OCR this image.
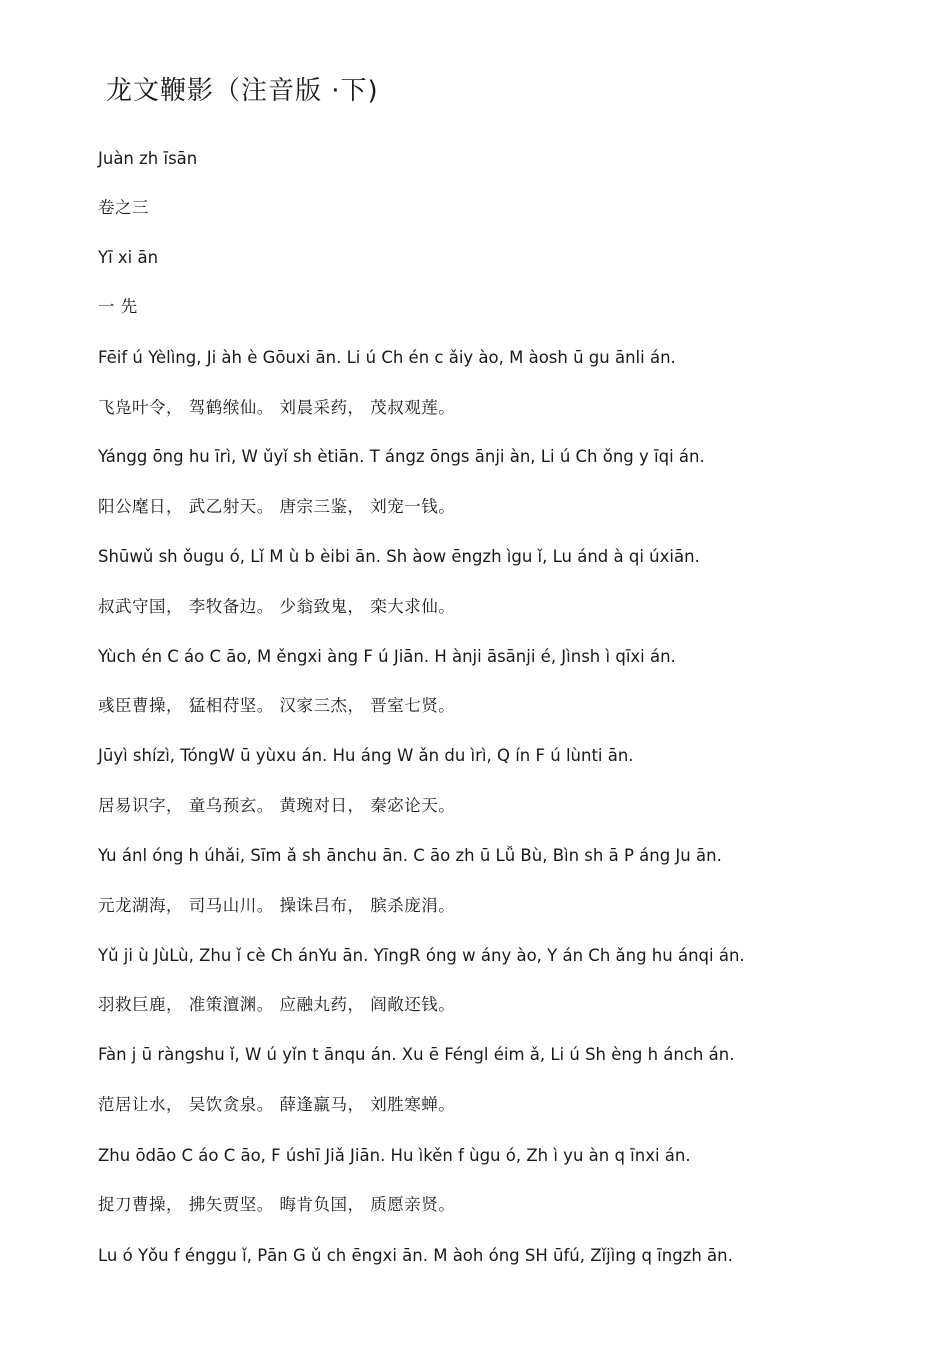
龙文鞭影（注音版 ·下)
Juàn zh īsān
卷之三
Yī xi ān
一 先
Fēif ú Yèlìng, Ji àh è Gōuxi ān. Li ú Ch én c ǎiy ào, M àosh ū gu ānli án.
飞凫叶令， 驾鹤缑仙。 刘晨采药， 茂叔观莲。
Yángg ōng hu īrì, W ǔyǐ sh ètiān. T ángz ōngs ānji àn, Li ú Ch ǒng y īqi án.
阳公麾日， 武乙射天。 唐宗三鉴， 刘宠一钱。
Shūwǔ sh ǒugu ó, Lǐ M ù b èibi ān. Sh àow ēngzh ìgu ǐ, Lu ánd à qi úxiān.
叔武守国， 李牧备边。 少翁致鬼， 栾大求仙。
Yùch én C áo C āo, M ěngxi àng F ú Jiān. H ànji āsānji é, Jìnsh ì qīxi án.
彧臣曹操， 猛相苻坚。 汉家三杰， 晋室七贤。
Jūyì shízì, TóngW ū yùxu án. Hu áng W ǎn du ìrì, Q ín F ú lùnti ān.
居易识字， 童乌预玄。 黄琬对日， 秦宓论天。
Yu ánl óng h úhǎi, Sīm ǎ sh ānchu ān. C āo zh ū Lǚ Bù, Bìn sh ā P áng Ju ān.
元龙湖海， 司马山川。 操诛吕布， 膑杀庞涓。
Yǔ ji ù JùLù, Zhu ǐ cè Ch ánYu ān. YīngR óng w ány ào, Y án Ch ǎng hu ánqi án.
羽救巨鹿， 准策澶渊。 应融丸药， 阎敞还钱。
Fàn j ū ràngshu ǐ, W ú yǐn t ānqu án. Xu ē Féngl éim ǎ, Li ú Sh èng h ánch án.
范居让水， 吴饮贪泉。 薛逢羸马， 刘胜寒蝉。
Zhu ōdāo C áo C āo, F úshī Jiǎ Jiān. Hu ìkěn f ùgu ó, Zh ì yu àn q īnxi án.
捉刀曹操， 拂矢贾坚。 晦肯负国， 质愿亲贤。
Lu ó Yǒu f énggu ǐ, Pān G ǔ ch ēngxi ān. M àoh óng SH ūfú, Zǐjìng q īngzh ān.
